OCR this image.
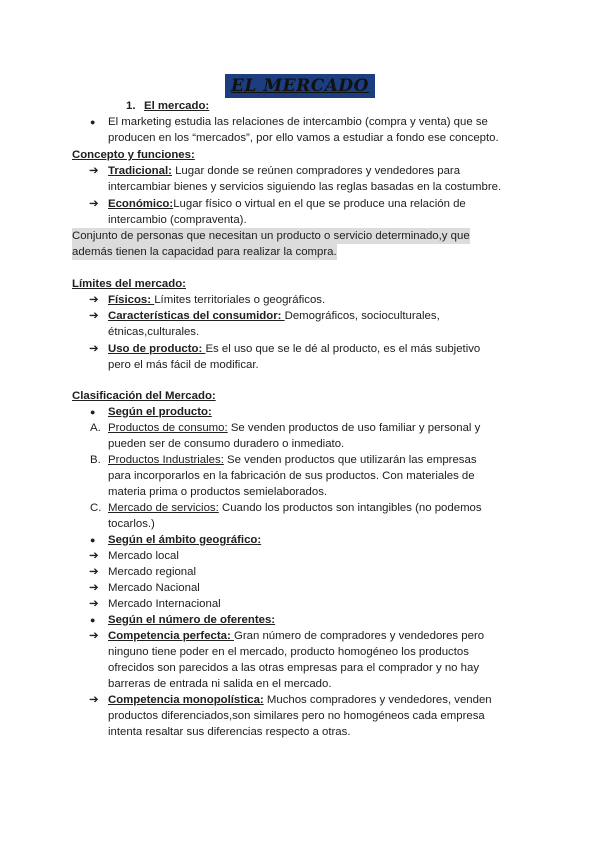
EL MERCADO
1. El mercado:
● El marketing estudia las relaciones de intercambio (compra y venta) que se
producen en los “mercados”, por ello vamos a estudiar a fondo ese concepto.
Concepto y funciones:
➔ Tradicional: Lugar donde se reúnen compradores y vendedores para
intercambiar bienes y servicios siguiendo las reglas basadas en la costumbre.
➔ Económico:Lugar físico o virtual en el que se produce una relación de
intercambio (compraventa).
Conjunto de personas que necesitan un producto o servicio determinado,y que
además tienen la capacidad para realizar la compra.
Límites del mercado:
➔ Físicos: Límites territoriales o geográficos.
➔ Características del consumidor: Demográficos, socioculturales,
étnicas,culturales.
➔ Uso de producto: Es el uso que se le dé al producto, es el más subjetivo
pero el más fácil de modificar.
Clasificación del Mercado:
● Según el producto:
A. Productos de consumo: Se venden productos de uso familiar y personal y
pueden ser de consumo duradero o inmediato.
B. Productos Industriales: Se venden productos que utilizarán las empresas
para incorporarlos en la fabricación de sus productos. Con materiales de
materia prima o productos semielaborados.
C. Mercado de servicios: Cuando los productos son intangibles (no podemos
tocarlos.)
● Según el ámbito geográfico:
➔ Mercado local
➔ Mercado regional
➔ Mercado Nacional
➔ Mercado Internacional
● Según el número de oferentes:
➔ Competencia perfecta: Gran número de compradores y vendedores pero
ninguno tiene poder en el mercado, producto homogéneo los productos
ofrecidos son parecidos a las otras empresas para el comprador y no hay
barreras de entrada ni salida en el mercado.
➔ Competencia monopolística: Muchos compradores y vendedores, venden
productos diferenciados,son similares pero no homogéneos cada empresa
intenta resaltar sus diferencias respecto a otras.
